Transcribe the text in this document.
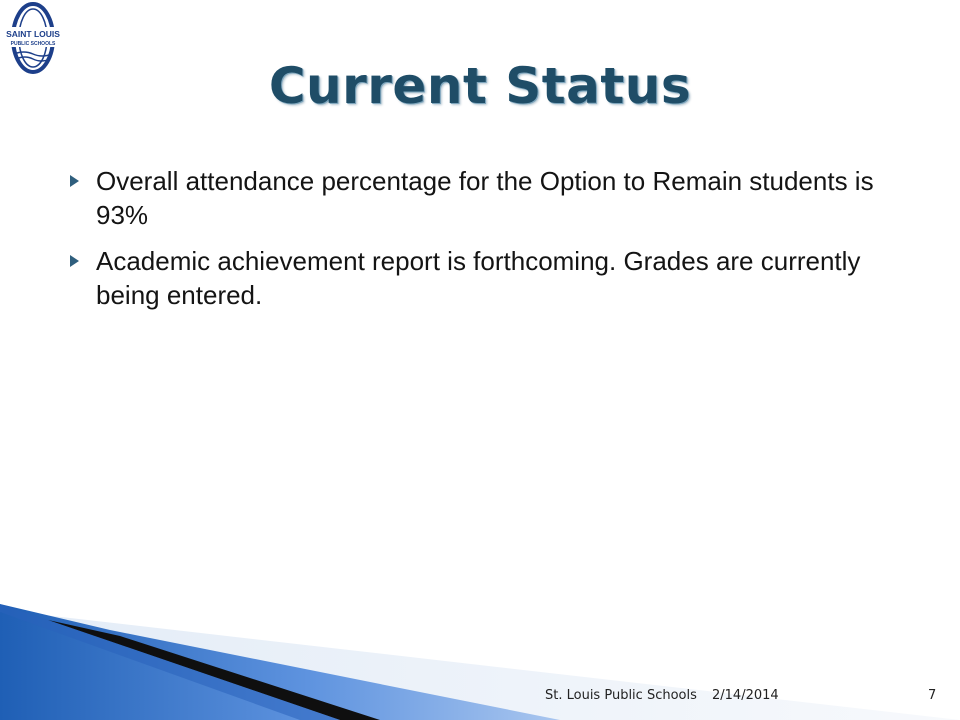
SAINT LOUIS
PUBLIC SCHOOLS
Current Status
Overall attendance percentage for the Option to Remain students is 93%
Academic achievement report is forthcoming. Grades are currently being entered.
St. Louis Public Schools 2/14/2014	7
